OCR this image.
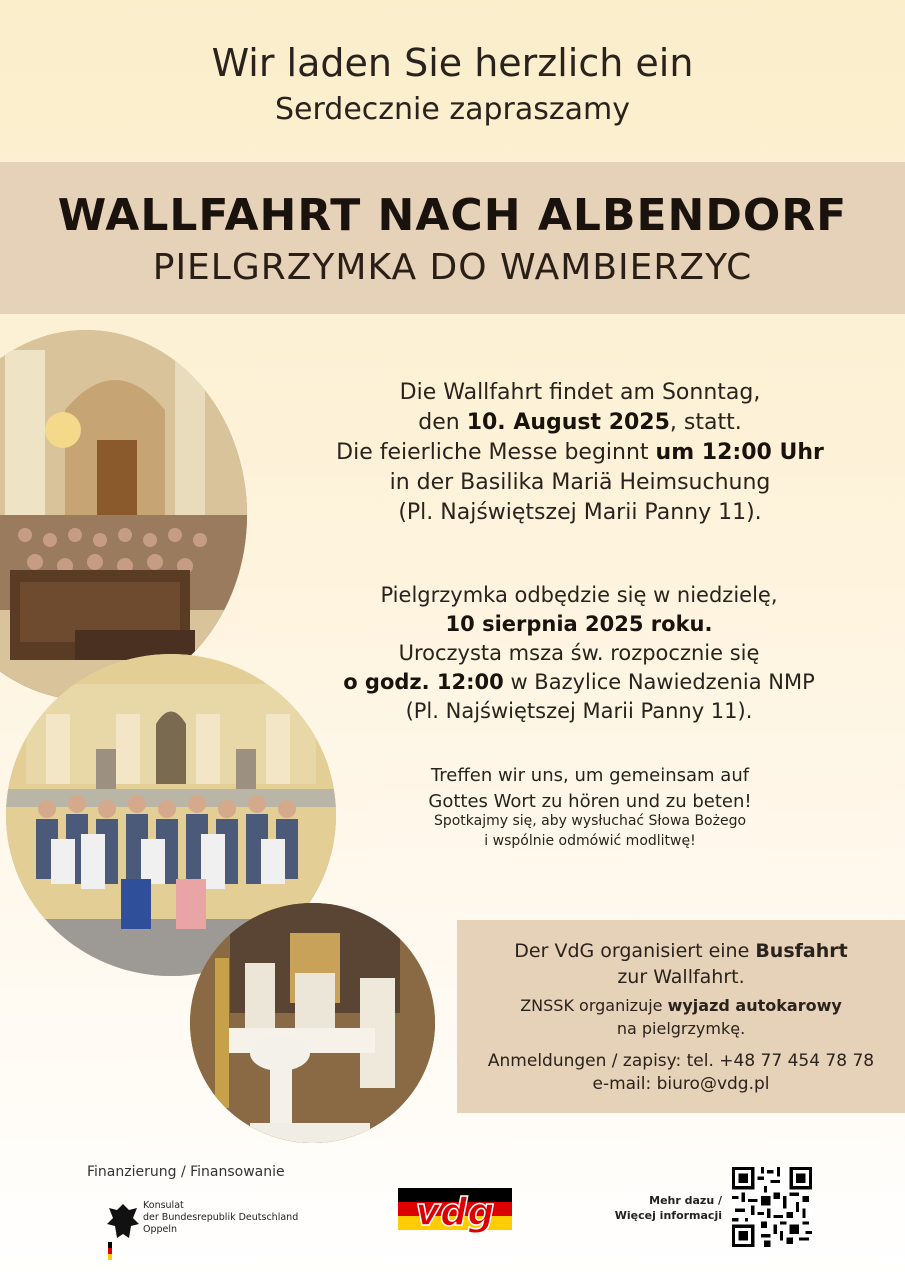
Wir laden Sie herzlich ein
Serdecznie zapraszamy
WALLFAHRT NACH ALBENDORF
PIELGRZYMKA DO WAMBIERZYC
Die Wallfahrt findet am Sonntag,
den 10. August 2025, statt.
Die feierliche Messe beginnt um 12:00 Uhr
in der Basilika Mariä Heimsuchung
(Pl. Najświętszej Marii Panny 11).
Pielgrzymka odbędzie się w niedzielę,
10 sierpnia 2025 roku.
Uroczysta msza św. rozpocznie się
o godz. 12:00 w Bazylice Nawiedzenia NMP
(Pl. Najświętszej Marii Panny 11).
Treffen wir uns, um gemeinsam auf
Gottes Wort zu hören und zu beten!
Spotkajmy się, aby wysłuchać Słowa Bożego
i wspólnie odmówić modlitwę!
Der VdG organisiert eine Busfahrt
zur Wallfahrt.
ZNSSK organizuje wyjazd autokarowy
na pielgrzymkę.
Anmeldungen / zapisy: tel. +48 77 454 78 78
e-mail: biuro@vdg.pl
Finanzierung / Finansowanie
Konsulat
der Bundesrepublik Deutschland
Oppeln	vdg	Mehr dazu /
Więcej informacji
